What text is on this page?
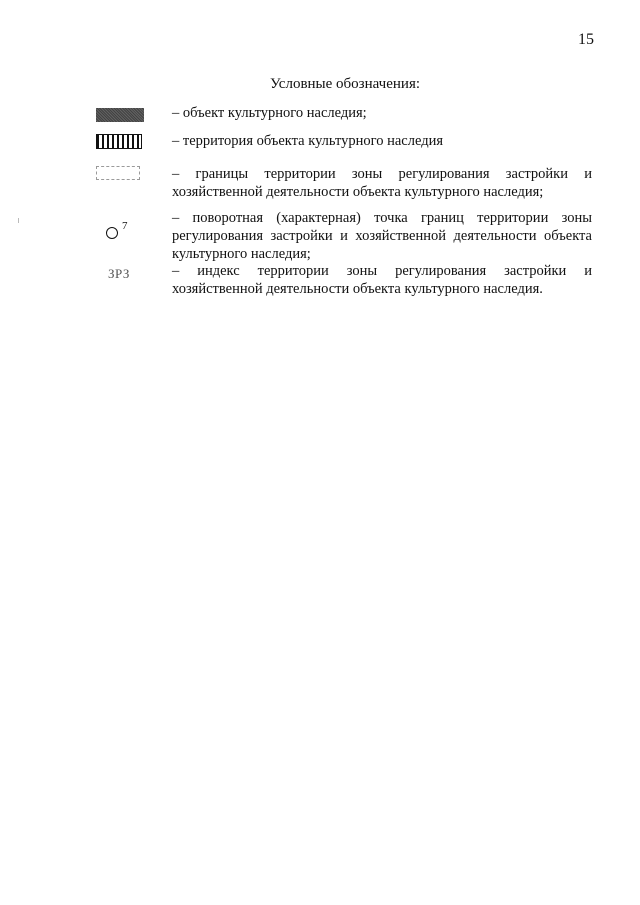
15
Условные обозначения:
– объект культурного наследия;
– территория объекта культурного наследия
– границы территории зоны регулирования застройки и хозяйственной деятельности объекта культурного наследия;
7	– поворотная (характерная) точка границ территории зоны регулирования застройки и хозяйственной деятельности объекта культурного наследия;
ЗРЗ	– индекс территории зоны регулирования застройки и хозяйственной деятельности объекта культурного наследия.
